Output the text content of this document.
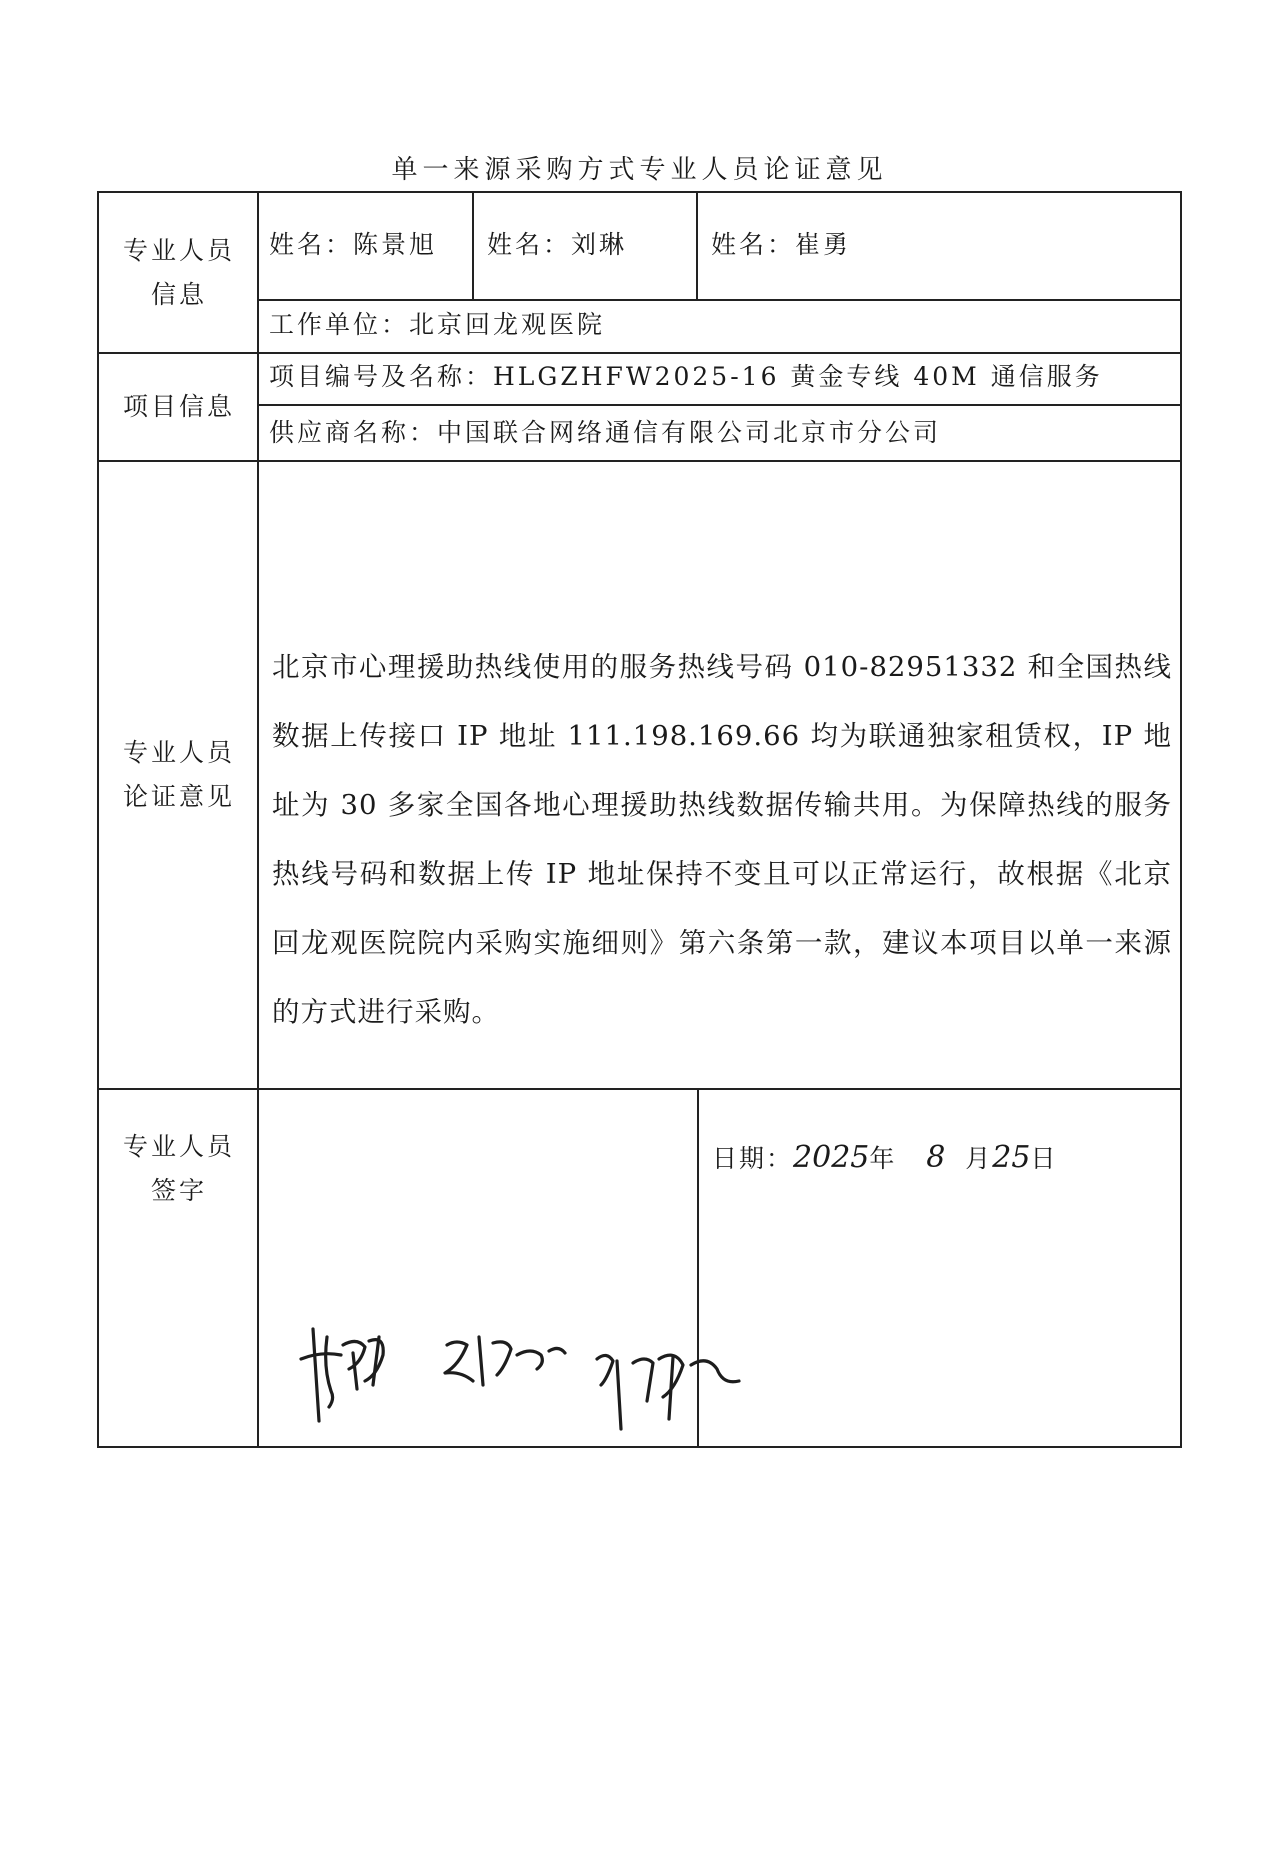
单一来源采购方式专业人员论证意见
专业人员信息
项目信息
专业人员论证意见
专业人员签字
姓名：陈景旭 姓名：刘琳	姓名：崔勇
工作单位：北京回龙观医院
项目编号及名称：HLGZHFW2025-16 黄金专线 40M 通信服务
供应商名称：中国联合网络通信有限公司北京市分公司
北京市心理援助热线使用的服务热线号码 010-82951332 和全国热线数据上传接口 IP 地址 111.198.169.66 均为联通独家租赁权，IP 地址为 30 多家全国各地心理援助热线数据传输共用。为保障热线的服务热线号码和数据上传 IP 地址保持不变且可以正常运行，故根据《北京回龙观医院院内采购实施细则》第六条第一款，建议本项目以单一来源的方式进行采购。
日期：2025年 8 月25日
